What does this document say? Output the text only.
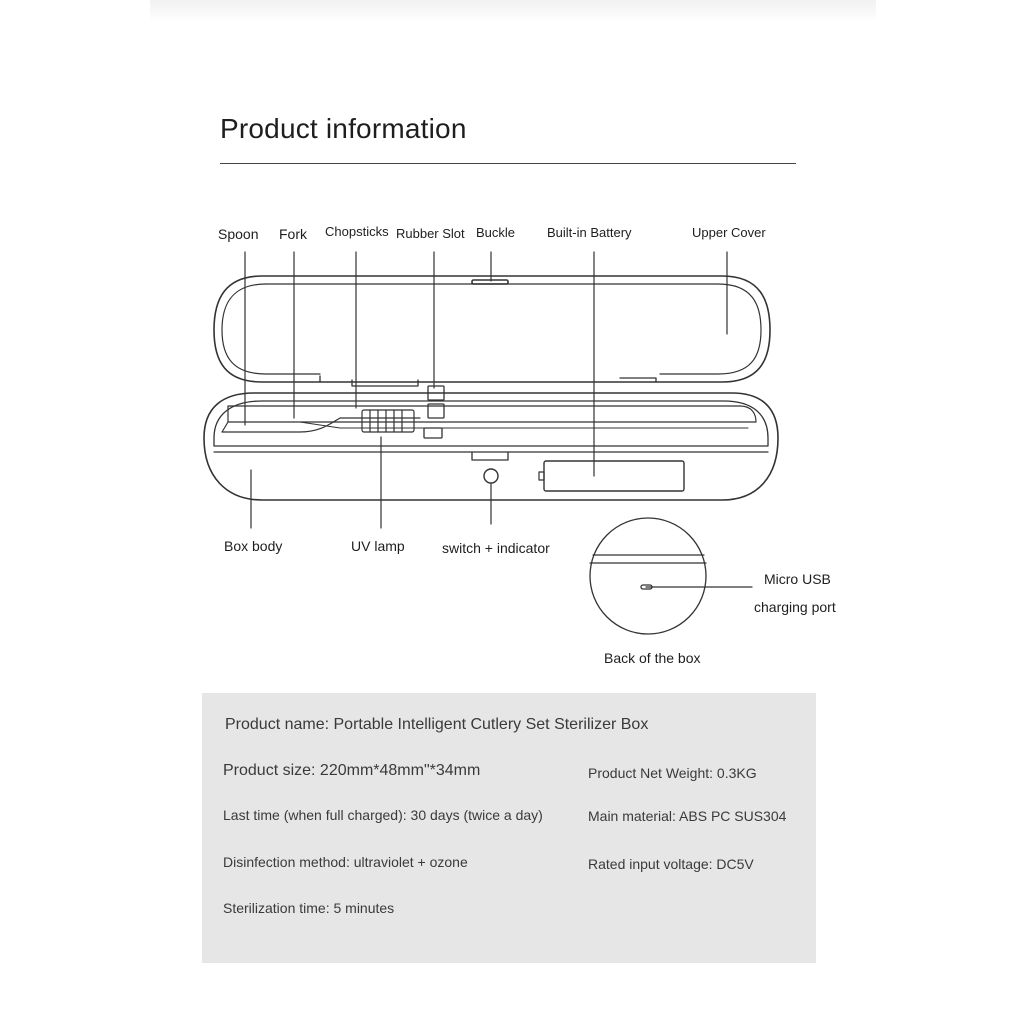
Product information
Spoon Fork Chopsticks Rubber Slot Buckle Built-in Battery	Upper Cover
Box body	UV lamp	switch + indicator
Micro USB
charging port
Back of the box
Product name: Portable Intelligent Cutlery Set Sterilizer Box
Product size: 220mm*48mm"*34mm	Product Net Weight: 0.3KG
Last time (when full charged): 30 days (twice a day)	Main material: ABS PC SUS304
Disinfection method: ultraviolet + ozone	Rated input voltage: DC5V
Sterilization time: 5 minutes
